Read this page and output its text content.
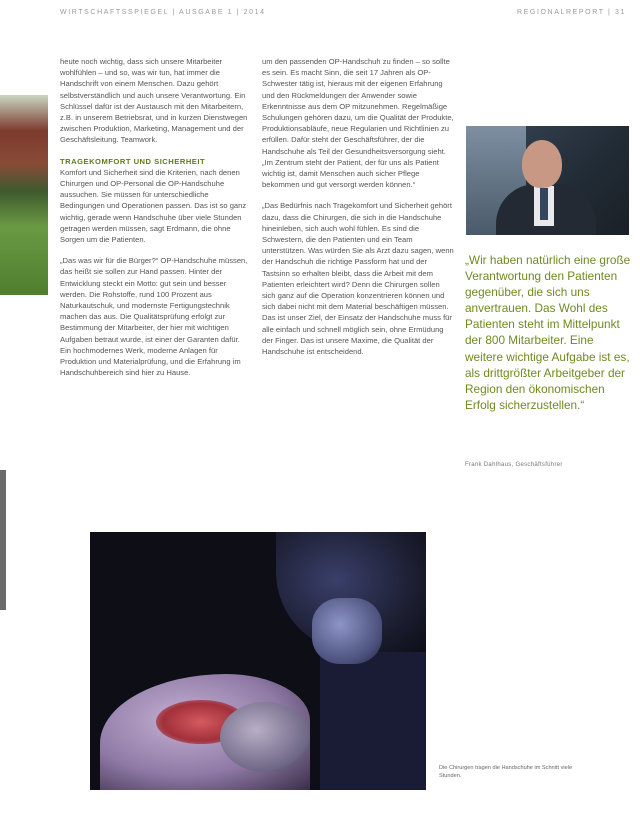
WIRTSCHAFTSSPIEGEL | AUSGABE 1 | 2014	REGIONALREPORT | 31

heute noch wichtig, dass sich unsere Mitarbeiter wohlfühlen – und so, was wir tun, hat immer die Handschrift von einem Menschen. Dazu gehört selbstverständlich und auch unsere Verantwortung. Ein Schlüssel dafür ist der Austausch mit den Mitarbeitern, z.B. in unserem Betriebsrat, und in kurzen Dienstwegen zwischen Produktion, Marketing, Management und der Geschäftsleitung. Teamwork.

TRAGEKOMFORT UND SICHERHEIT

Komfort und Sicherheit sind die Kriterien, nach denen Chirurgen und OP-Personal die OP-Handschuhe aussuchen. Sie müssen für unterschiedliche Bedingungen und Operationen passen. Das ist so ganz wichtig, gerade wenn Handschuhe über viele Stunden getragen werden müssen, sagt Erdmann, die ohne Sorgen um die Patienten.

„Das was wir für die Bürger?“ OP-Handschuhe müssen, das heißt sie sollen zur Hand passen. Hinter der Entwicklung steckt ein Motto: gut sein und besser werden. Die Rohstoffe, rund 100 Prozent aus Naturkautschuk, und modernste Fertigungstechnik machen das aus. Die Qualitätsprüfung erfolgt zur Bestimmung der Mitarbeiter, der hier mit wichtigen Aufgaben betraut wurde, ist einer der Garanten dafür. Ein hochmodernes Werk, moderne Anlagen für Produktion und Materialprüfung, und die Erfahrung im Handschuhbereich sind hier zu Hause.

um den passenden OP-Handschuh zu finden – so sollte es sein. Es macht Sinn, die seit 17 Jahren als OP-Schwester tätig ist, hieraus mit der eigenen Erfahrung und den Rückmeldungen der Anwender sowie Erkenntnisse aus dem OP mitzunehmen. Regelmäßige Schulungen gehören dazu, um die Qualität der Produkte, Produktionsabläufe, neue Regularien und Richtlinien zu erfüllen. Dafür steht der Geschäftsführer, der die Handschuhe als Teil der Gesundheitsversorgung sieht. „Im Zentrum steht der Patient, der für uns als Patient wichtig ist, damit Menschen auch sicher Pflege bekommen und gut versorgt werden können.“

„Das Bedürfnis nach Tragekomfort und Sicherheit gehört dazu, dass die Chirurgen, die sich in die Handschuhe hineinleben, sich auch wohl fühlen. Es sind die Schwestern, die den Patienten und ein Team unterstützen. Was würden Sie als Arzt dazu sagen, wenn der Handschuh die richtige Passform hat und der Tastsinn so erhalten bleibt, dass die Arbeit mit dem Patienten erleichtert wird? Denn die Chirurgen sollen sich ganz auf die Operation konzentrieren können und sich dabei nicht mit dem Material beschäftigen müssen. Das ist unser Ziel, der Einsatz der Handschuhe muss für alle einfach und schnell möglich sein, ohne Ermüdung der Finger. Das ist unsere Maxime, die Qualität der Handschuhe ist entscheidend.

„Wir haben natürlich eine große Verantwortung den Patienten gegenüber, die sich uns anvertrauen. Das Wohl des Patienten steht im Mittelpunkt der 800 Mitarbeiter. Eine weitere wichtige Aufgabe ist es, als drittgrößter Arbeitgeber der Region den ökonomischen Erfolg sicherzustellen.“
Frank Dahlhaus, Geschäftsführer
Die Chirurgen tragen die Handschuhe im Schnitt viele Stunden.
